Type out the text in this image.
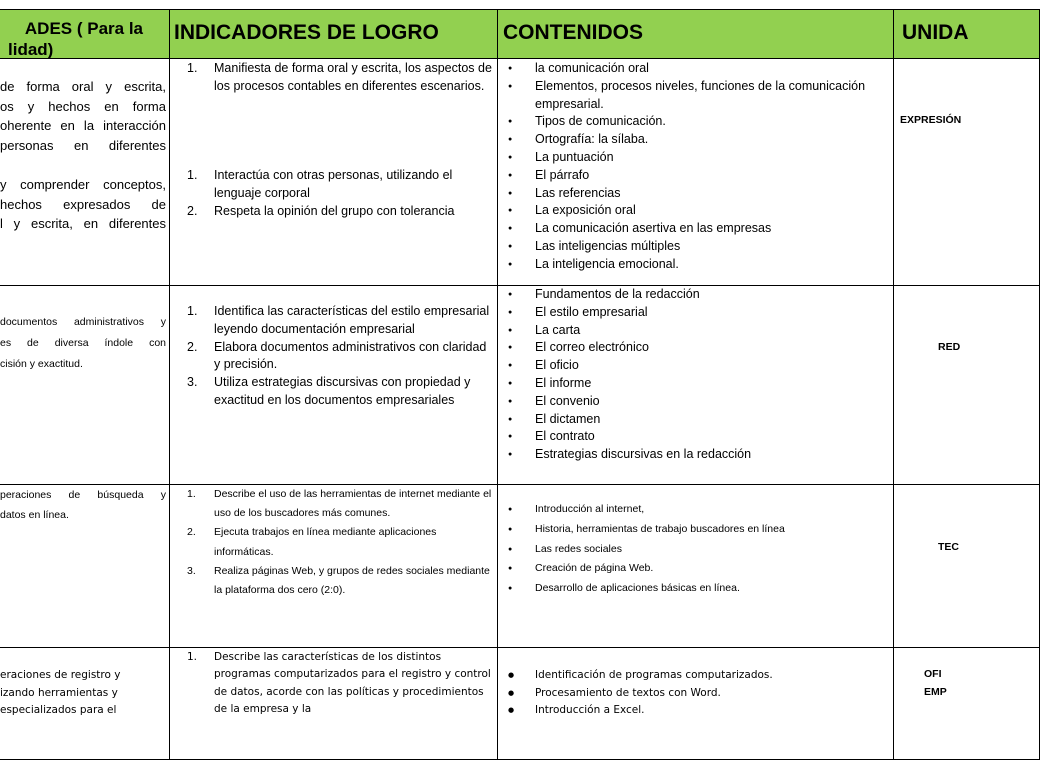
ADES ( Para la
lidad)
INDICADORES DE LOGRO	CONTENIDOS	UNIDA
de forma oral y escrita,
os y hechos en forma
oherente en la interacción
personas en diferentes
y comprender conceptos,
hechos expresados de
l y escrita, en diferentes
1. Manifiesta de forma oral y escrita, los aspectos de los procesos contables en diferentes escenarios.
1. Interactúa con otras personas, utilizando el lenguaje corporal
2. Respeta la opinión del grupo con tolerancia
● la comunicación oral
● Elementos, procesos niveles, funciones de la comunicación empresarial.
● Tipos de comunicación.
● Ortografía: la sílaba.
● La puntuación
● El párrafo
● Las referencias
● La exposición oral
● La comunicación asertiva en las empresas
● Las inteligencias múltiples
● La inteligencia emocional.
EXPRESIÓN
documentos administrativos y
es de diversa índole con
cisión y exactitud.
1. Identifica las características del estilo empresarial leyendo documentación empresarial
2. Elabora documentos administrativos con claridad y precisión.
3. Utiliza estrategias discursivas con propiedad y exactitud en los documentos empresariales
● Fundamentos de la redacción
● El estilo empresarial
● La carta
● El correo electrónico
● El oficio
● El informe
● El convenio
● El dictamen
● El contrato
● Estrategias discursivas en la redacción
RED
peraciones de búsqueda y
datos en línea.
1. Describe el uso de las herramientas de internet mediante el uso de los buscadores más comunes.
2. Ejecuta trabajos en línea mediante aplicaciones informáticas.
3. Realiza páginas Web, y grupos de redes sociales mediante la plataforma dos cero (2:0).
● Introducción al internet,
● Historia, herramientas de trabajo buscadores en línea
● Las redes sociales
● Creación de página Web.
● Desarrollo de aplicaciones básicas en línea.
TEC
eraciones de registro y
izando herramientas y
especializados para el
1. Describe las características de los distintos programas computarizados para el registro y control de datos, acorde con las políticas y procedimientos de la empresa y la
● Identificación de programas computarizados.
● Procesamiento de textos con Word.
● Introducción a Excel.
OFI
EMP
